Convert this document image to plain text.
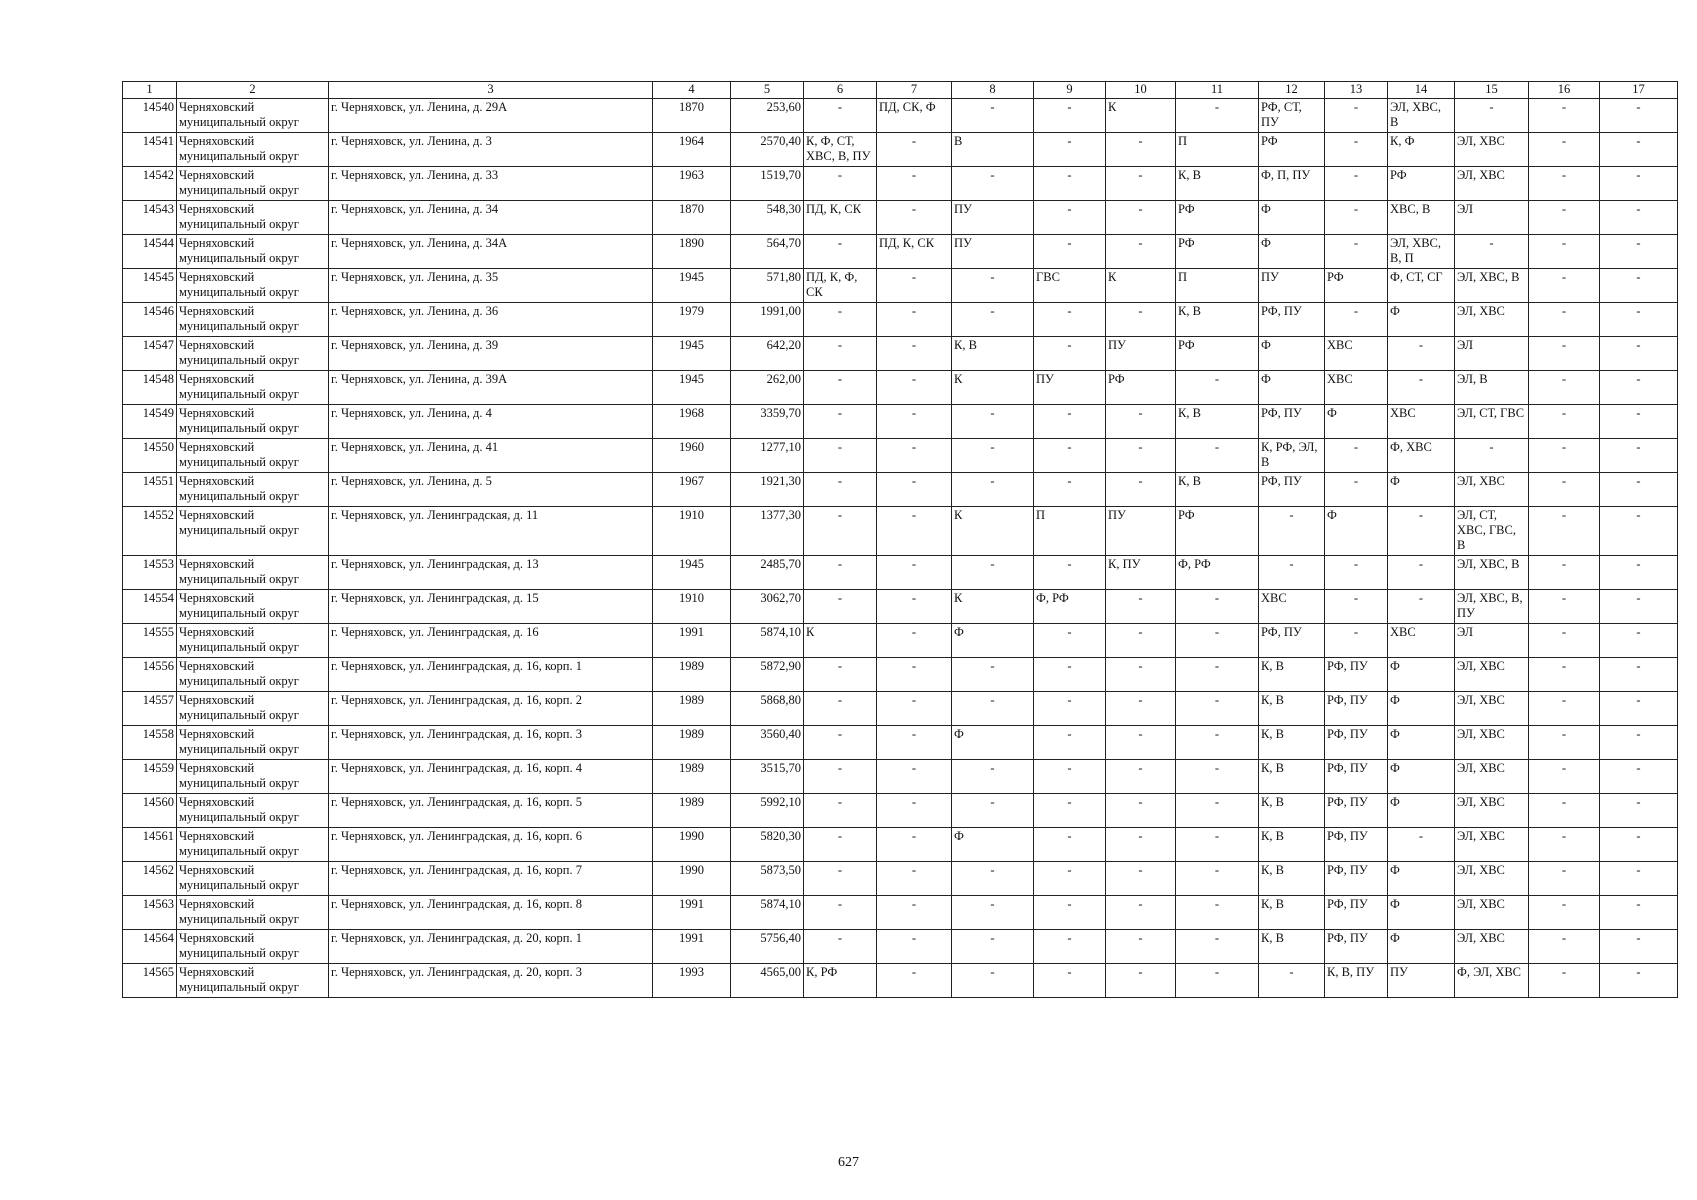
1	2	3	4	5	6	7	8	9	10	11	12	13	14	15	16	17
14540	Черняховский муниципальный округ	г. Черняховск, ул. Ленина, д. 29А	1870	253,60	-	ПД, СК, Ф	-	-	К	-	РФ, СТ, ПУ	-	ЭЛ, ХВС, В	-	-	-
14541	Черняховский муниципальный округ	г. Черняховск, ул. Ленина, д. 3	1964	2570,40	К, Ф, СТ, ХВС, В, ПУ	-	В	-	-	П	РФ	-	К, Ф	ЭЛ, ХВС	-	-
14542	Черняховский муниципальный округ	г. Черняховск, ул. Ленина, д. 33	1963	1519,70	-	-	-	-	-	К, В	Ф, П, ПУ	-	РФ	ЭЛ, ХВС	-	-
14543	Черняховский муниципальный округ	г. Черняховск, ул. Ленина, д. 34	1870	548,30	ПД, К, СК	-	ПУ	-	-	РФ	Ф	-	ХВС, В	ЭЛ	-	-
14544	Черняховский муниципальный округ	г. Черняховск, ул. Ленина, д. 34А	1890	564,70	-	ПД, К, СК	ПУ	-	-	РФ	Ф	-	ЭЛ, ХВС, В, П	-	-	-
14545	Черняховский муниципальный округ	г. Черняховск, ул. Ленина, д. 35	1945	571,80	ПД, К, Ф, СК	-	-	ГВС	К	П	ПУ	РФ	Ф, СТ, СГ	ЭЛ, ХВС, В	-	-
14546	Черняховский муниципальный округ	г. Черняховск, ул. Ленина, д. 36	1979	1991,00	-	-	-	-	-	К, В	РФ, ПУ	-	Ф	ЭЛ, ХВС	-	-
14547	Черняховский муниципальный округ	г. Черняховск, ул. Ленина, д. 39	1945	642,20	-	-	К, В	-	ПУ	РФ	Ф	ХВС	-	ЭЛ	-	-
14548	Черняховский муниципальный округ	г. Черняховск, ул. Ленина, д. 39А	1945	262,00	-	-	К	ПУ	РФ	-	Ф	ХВС	-	ЭЛ, В	-	-
14549	Черняховский муниципальный округ	г. Черняховск, ул. Ленина, д. 4	1968	3359,70	-	-	-	-	-	К, В	РФ, ПУ	Ф	ХВС	ЭЛ, СТ, ГВС	-	-
14550	Черняховский муниципальный округ	г. Черняховск, ул. Ленина, д. 41	1960	1277,10	-	-	-	-	-	-	К, РФ, ЭЛ, В	-	Ф, ХВС	-	-	-
14551	Черняховский муниципальный округ	г. Черняховск, ул. Ленина, д. 5	1967	1921,30	-	-	-	-	-	К, В	РФ, ПУ	-	Ф	ЭЛ, ХВС	-	-
14552	Черняховский муниципальный округ	г. Черняховск, ул. Ленинградская, д. 11	1910	1377,30	-	-	К	П	ПУ	РФ	-	Ф	-	ЭЛ, СТ, ХВС, ГВС, В	-	-
14553	Черняховский муниципальный округ	г. Черняховск, ул. Ленинградская, д. 13	1945	2485,70	-	-	-	-	К, ПУ	Ф, РФ	-	-	-	ЭЛ, ХВС, В	-	-
14554	Черняховский муниципальный округ	г. Черняховск, ул. Ленинградская, д. 15	1910	3062,70	-	-	К	Ф, РФ	-	-	ХВС	-	-	ЭЛ, ХВС, В, ПУ	-	-
14555	Черняховский муниципальный округ	г. Черняховск, ул. Ленинградская, д. 16	1991	5874,10	К	-	Ф	-	-	-	РФ, ПУ	-	ХВС	ЭЛ	-	-
14556	Черняховский муниципальный округ	г. Черняховск, ул. Ленинградская, д. 16, корп. 1	1989	5872,90	-	-	-	-	-	-	К, В	РФ, ПУ	Ф	ЭЛ, ХВС	-	-
14557	Черняховский муниципальный округ	г. Черняховск, ул. Ленинградская, д. 16, корп. 2	1989	5868,80	-	-	-	-	-	-	К, В	РФ, ПУ	Ф	ЭЛ, ХВС	-	-
14558	Черняховский муниципальный округ	г. Черняховск, ул. Ленинградская, д. 16, корп. 3	1989	3560,40	-	-	Ф	-	-	-	К, В	РФ, ПУ	Ф	ЭЛ, ХВС	-	-
14559	Черняховский муниципальный округ	г. Черняховск, ул. Ленинградская, д. 16, корп. 4	1989	3515,70	-	-	-	-	-	-	К, В	РФ, ПУ	Ф	ЭЛ, ХВС	-	-
14560	Черняховский муниципальный округ	г. Черняховск, ул. Ленинградская, д. 16, корп. 5	1989	5992,10	-	-	-	-	-	-	К, В	РФ, ПУ	Ф	ЭЛ, ХВС	-	-
14561	Черняховский муниципальный округ	г. Черняховск, ул. Ленинградская, д. 16, корп. 6	1990	5820,30	-	-	Ф	-	-	-	К, В	РФ, ПУ	-	ЭЛ, ХВС	-	-
14562	Черняховский муниципальный округ	г. Черняховск, ул. Ленинградская, д. 16, корп. 7	1990	5873,50	-	-	-	-	-	-	К, В	РФ, ПУ	Ф	ЭЛ, ХВС	-	-
14563	Черняховский муниципальный округ	г. Черняховск, ул. Ленинградская, д. 16, корп. 8	1991	5874,10	-	-	-	-	-	-	К, В	РФ, ПУ	Ф	ЭЛ, ХВС	-	-
14564	Черняховский муниципальный округ	г. Черняховск, ул. Ленинградская, д. 20, корп. 1	1991	5756,40	-	-	-	-	-	-	К, В	РФ, ПУ	Ф	ЭЛ, ХВС	-	-
14565	Черняховский муниципальный округ	г. Черняховск, ул. Ленинградская, д. 20, корп. 3	1993	4565,00	К, РФ	-	-	-	-	-	-	К, В, ПУ	ПУ	Ф, ЭЛ, ХВС	-	-
627
